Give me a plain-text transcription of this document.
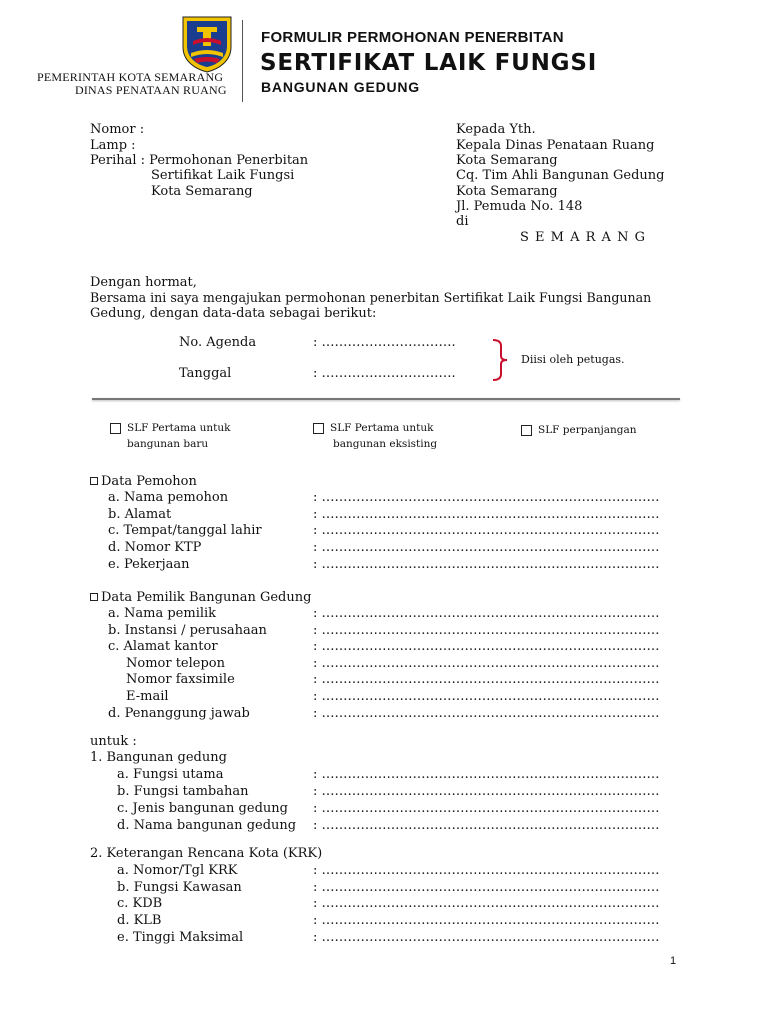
PEMERINTAH KOTA SEMARANG
DINAS PENATAAN RUANG
FORMULIR PERMOHONAN PENERBITAN
SERTIFIKAT LAIK FUNGSI
BANGUNAN GEDUNG
Nomor :
Lamp :
Perihal : Permohonan Penerbitan
Sertifikat Laik Fungsi
Kota Semarang
Kepada Yth.
Kepala Dinas Penataan Ruang
Kota Semarang
Cq. Tim Ahli Bangunan Gedung
Kota Semarang
Jl. Pemuda No. 148
di
S E M A R A N G
Dengan hormat,
Bersama ini saya mengajukan permohonan penerbitan Sertifikat Laik Fungsi Bangunan
Gedung, dengan data-data sebagai berikut:
No. Agenda	: ………………………….
Tanggal	: ………………………….
Diisi oleh petugas.
SLF Pertama untuk
bangunan baru
SLF Pertama untuk
bangunan eksisting
SLF perpanjangan
Data Pemohon
a. Nama pemohon
b. Alamat
c. Tempat/tanggal lahir
d. Nomor KTP
e. Pekerjaan
: ……………………………………………………………………
: ……………………………………………………………………
: ……………………………………………………………………
: ……………………………………………………………………
: ……………………………………………………………………
Data Pemilik Bangunan Gedung
a. Nama pemilik
b. Instansi / perusahaan
c. Alamat kantor
Nomor telepon
Nomor faxsimile
E-mail
d. Penanggung jawab
: ……………………………………………………………………
: ……………………………………………………………………
: ……………………………………………………………………
: ……………………………………………………………………
: ……………………………………………………………………
: ……………………………………………………………………
: ……………………………………………………………………
untuk :
1. Bangunan gedung
a. Fungsi utama
b. Fungsi tambahan
c. Jenis bangunan gedung
d. Nama bangunan gedung
: ……………………………………………………………………
: ……………………………………………………………………
: ……………………………………………………………………
: ……………………………………………………………………
2. Keterangan Rencana Kota (KRK)
a. Nomor/Tgl KRK
b. Fungsi Kawasan
c. KDB
d. KLB
e. Tinggi Maksimal
: ……………………………………………………………………
: ……………………………………………………………………
: ……………………………………………………………………
: ……………………………………………………………………
: ……………………………………………………………………
1
